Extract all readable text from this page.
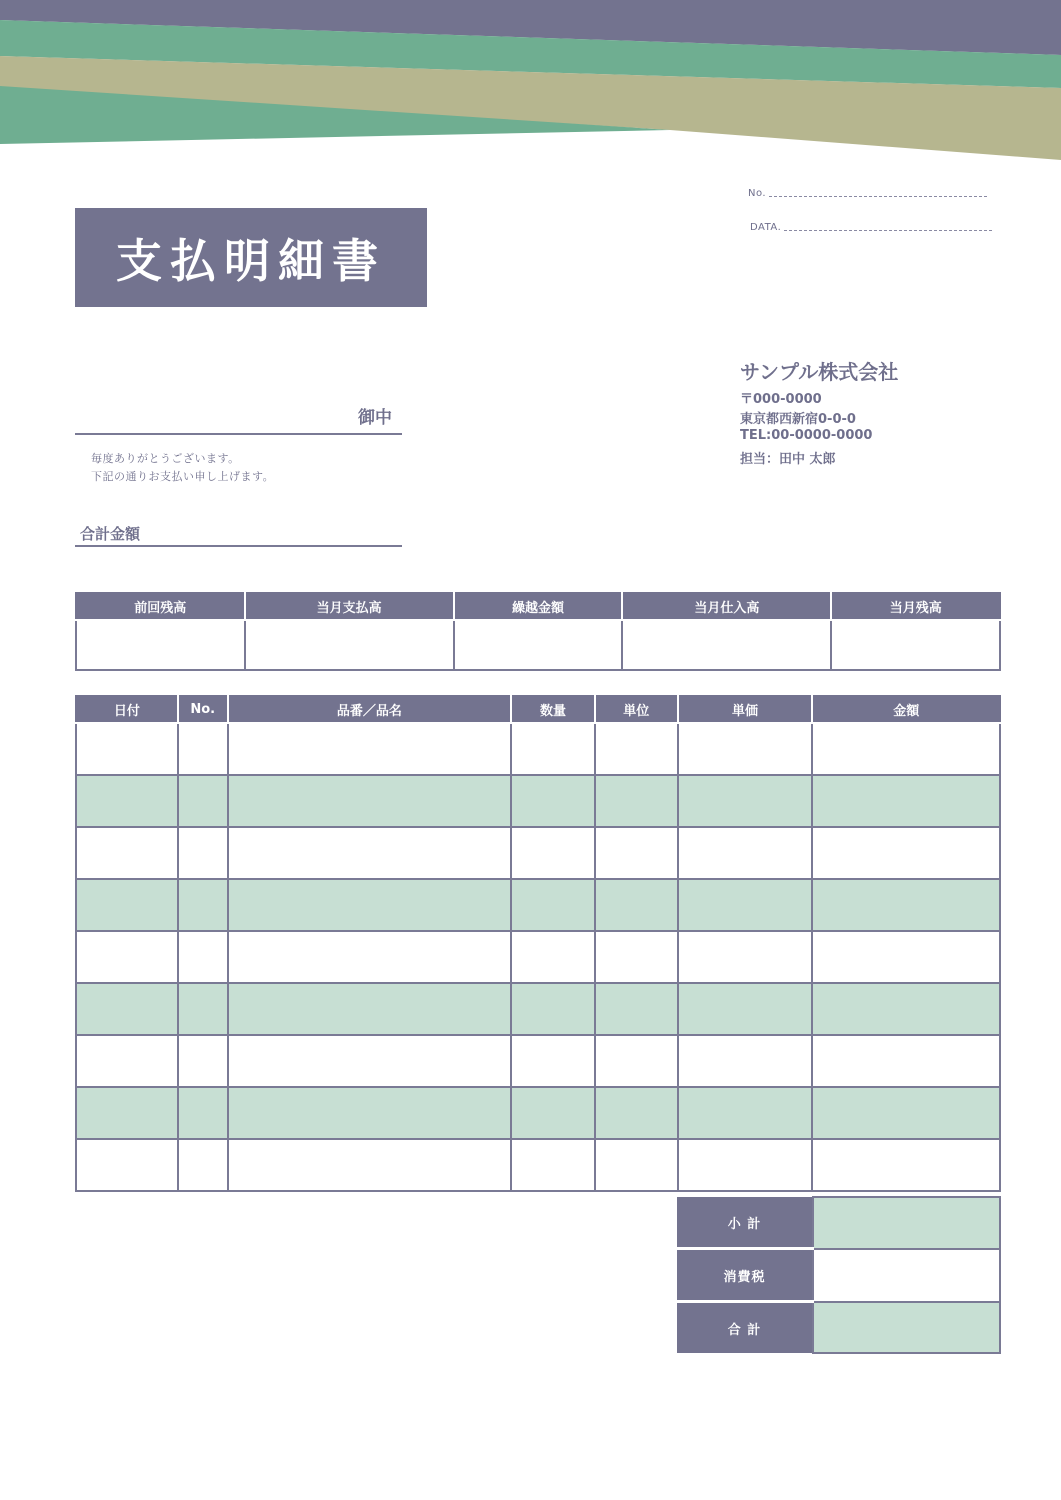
支払明細書
No.
DATA.
サンプル株式会社
〒000-0000
東京都西新宿0-0-0
TEL:00-0000-0000
担当：田中 太郎
御中
毎度ありがとうございます。
下記の通りお支払い申し上げます。
合計金額
前回残高	当月支払高	繰越金額	当月仕入高	当月残高

日付	No.	品番／品名	数量	単位	単価	金額

小 計	
消費税	
合 計	
